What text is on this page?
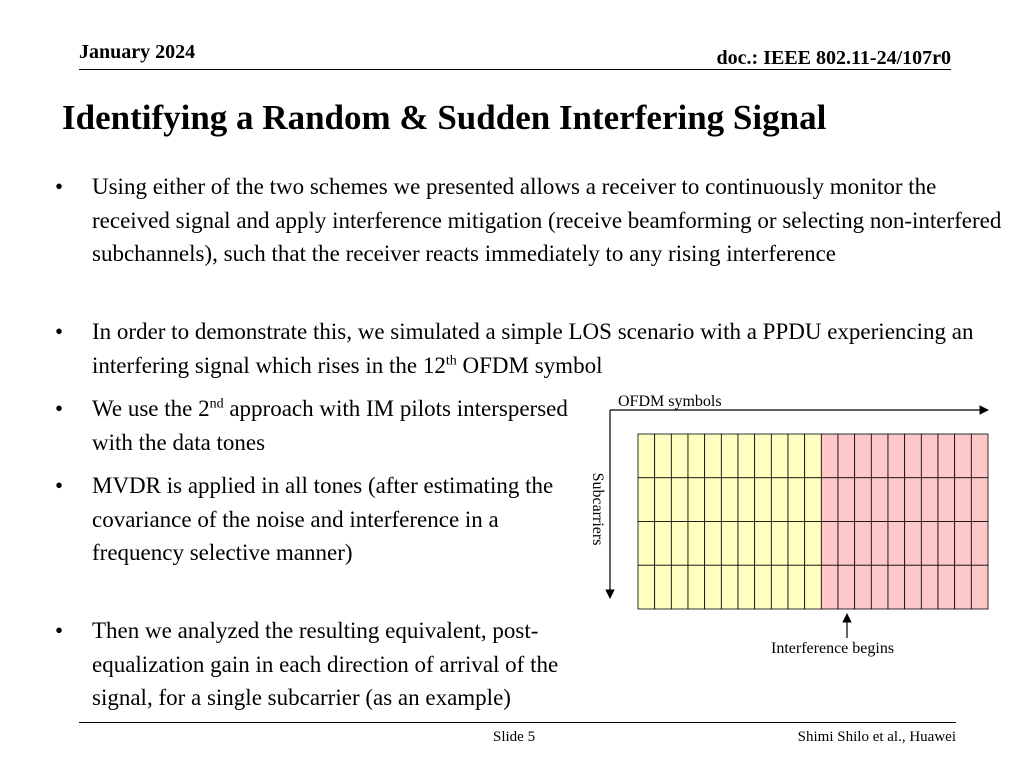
January 2024	doc.: IEEE 802.11-24/107r0
Identifying a Random & Sudden Interfering Signal
• Using either of the two schemes we presented allows a receiver to continuously monitor the received signal and apply interference mitigation (receive beamforming or selecting non-interfered subchannels), such that the receiver reacts immediately to any rising interference
• In order to demonstrate this, we simulated a simple LOS scenario with a PPDU experiencing an interfering signal which rises in the 12th OFDM symbol
• We use the 2nd approach with IM pilots interspersed with the data tones
• MVDR is applied in all tones (after estimating the covariance of the noise and interference in a frequency selective manner)
• Then we analyzed the resulting equivalent, post-equalization gain in each direction of arrival of the signal, for a single subcarrier (as an example)
OFDM symbols
Subcarriers
Interference begins
Slide 5	Shimi Shilo et al., Huawei
